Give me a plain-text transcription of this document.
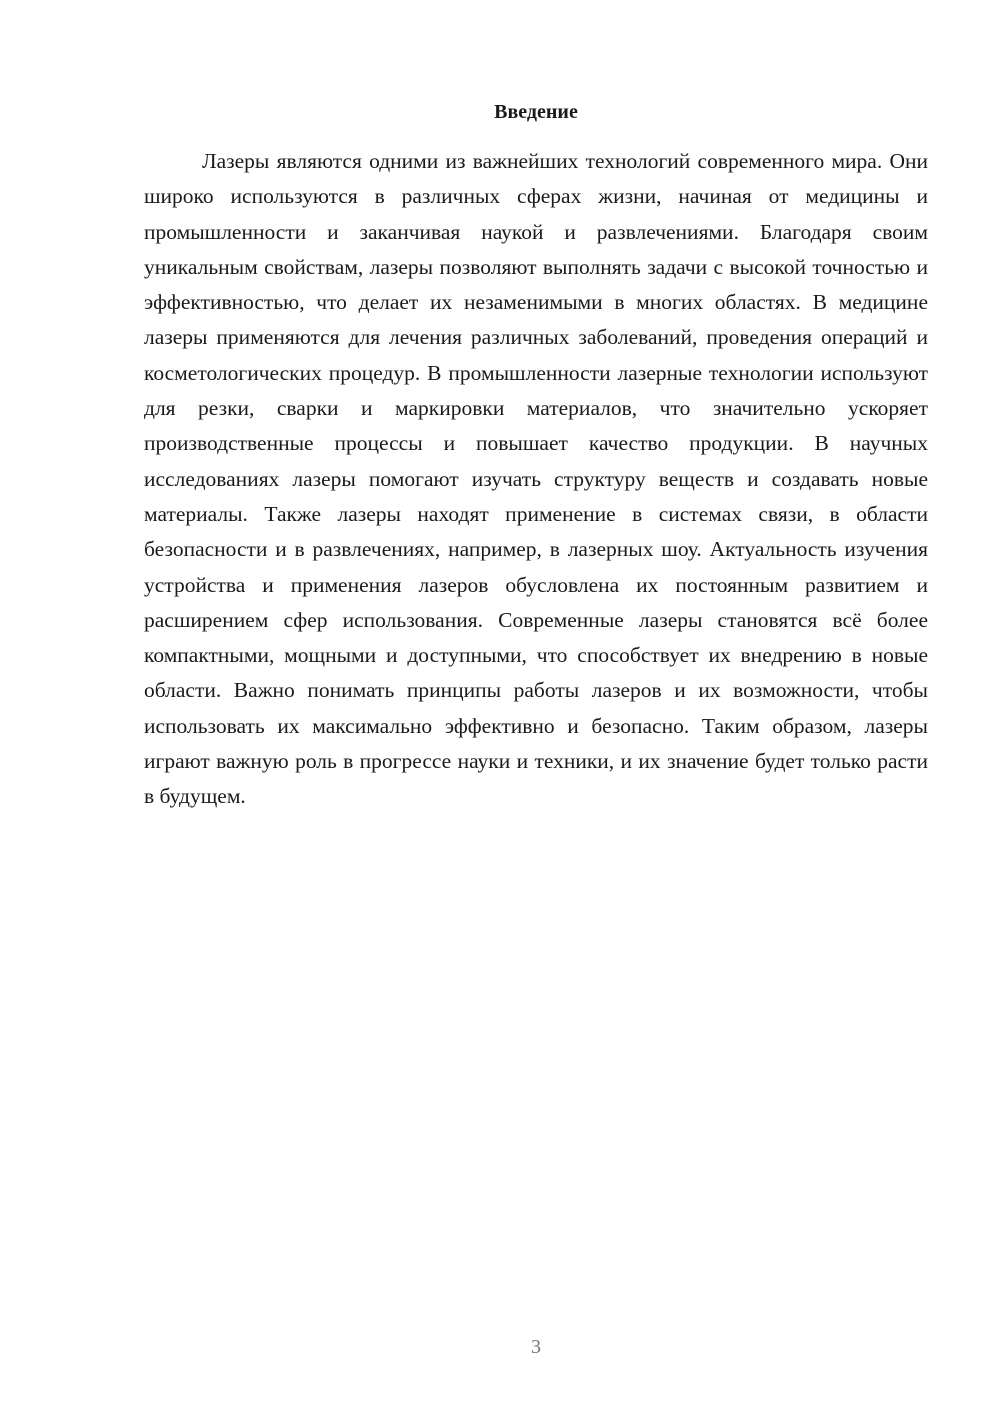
Введение

Лазеры являются одними из важнейших технологий современного мира. Они широко используются в различных сферах жизни, начиная от медицины и промышленности и заканчивая наукой и развлечениями. Благодаря своим уникальным свойствам, лазеры позволяют выполнять задачи с высокой точностью и эффективностью, что делает их незаменимыми в многих областях. В медицине лазеры применяются для лечения различных заболеваний, проведения операций и косметологических процедур. В промышленности лазерные технологии используют для резки, сварки и маркировки материалов, что значительно ускоряет производственные процессы и повышает качество продукции. В научных исследованиях лазеры помогают изучать структуру веществ и создавать новые материалы. Также лазеры находят применение в системах связи, в области безопасности и в развлечениях, например, в лазерных шоу. Актуальность изучения устройства и применения лазеров обусловлена их постоянным развитием и расширением сфер использования. Современные лазеры становятся всё более компактными, мощными и доступными, что способствует их внедрению в новые области. Важно понимать принципы работы лазеров и их возможности, чтобы использовать их максимально эффективно и безопасно. Таким образом, лазеры играют важную роль в прогрессе науки и техники, и их значение будет только расти в будущем.

3
